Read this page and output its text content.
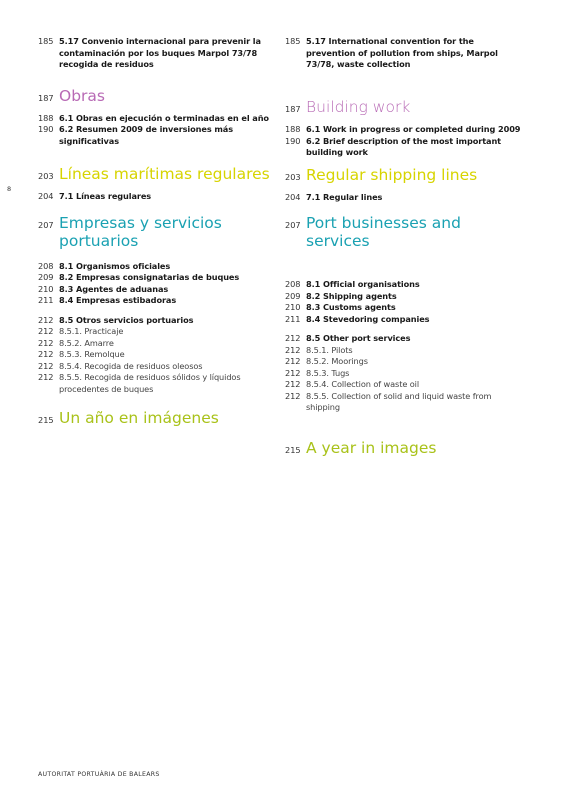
8
185 5.17 Convenio internacional para prevenir la contaminación por los buques Marpol 73/78 recogida de residuos
187 Obras
188 6.1 Obras en ejecución o terminadas en el año
190 6.2 Resumen 2009 de inversiones más significativas
203 Líneas marítimas regulares
204 7.1 Líneas regulares
207 Empresas y servicios portuarios
208 8.1 Organismos oficiales
209 8.2 Empresas consignatarias de buques
210 8.3 Agentes de aduanas
211 8.4 Empresas estibadoras
212 8.5 Otros servicios portuarios
212 8.5.1. Practicaje
212 8.5.2. Amarre
212 8.5.3. Remolque
212 8.5.4. Recogida de residuos oleosos
212 8.5.5. Recogida de residuos sólidos y líquidos procedentes de buques
215 Un año en imágenes
185 5.17 International convention for the prevention of pollution from ships, Marpol 73/78, waste collection
187 Building work
188 6.1 Work in progress or completed during 2009
190 6.2 Brief description of the most important building work
203 Regular shipping lines
204 7.1 Regular lines
207 Port businesses and services
208 8.1 Official organisations
209 8.2 Shipping agents
210 8.3 Customs agents
211 8.4 Stevedoring companies
212 8.5 Other port services
212 8.5.1. Pilots
212 8.5.2. Moorings
212 8.5.3. Tugs
212 8.5.4. Collection of waste oil
212 8.5.5. Collection of solid and liquid waste from shipping
215 A year in images
AUTORITAT PORTUÀRIA DE BALEARS
